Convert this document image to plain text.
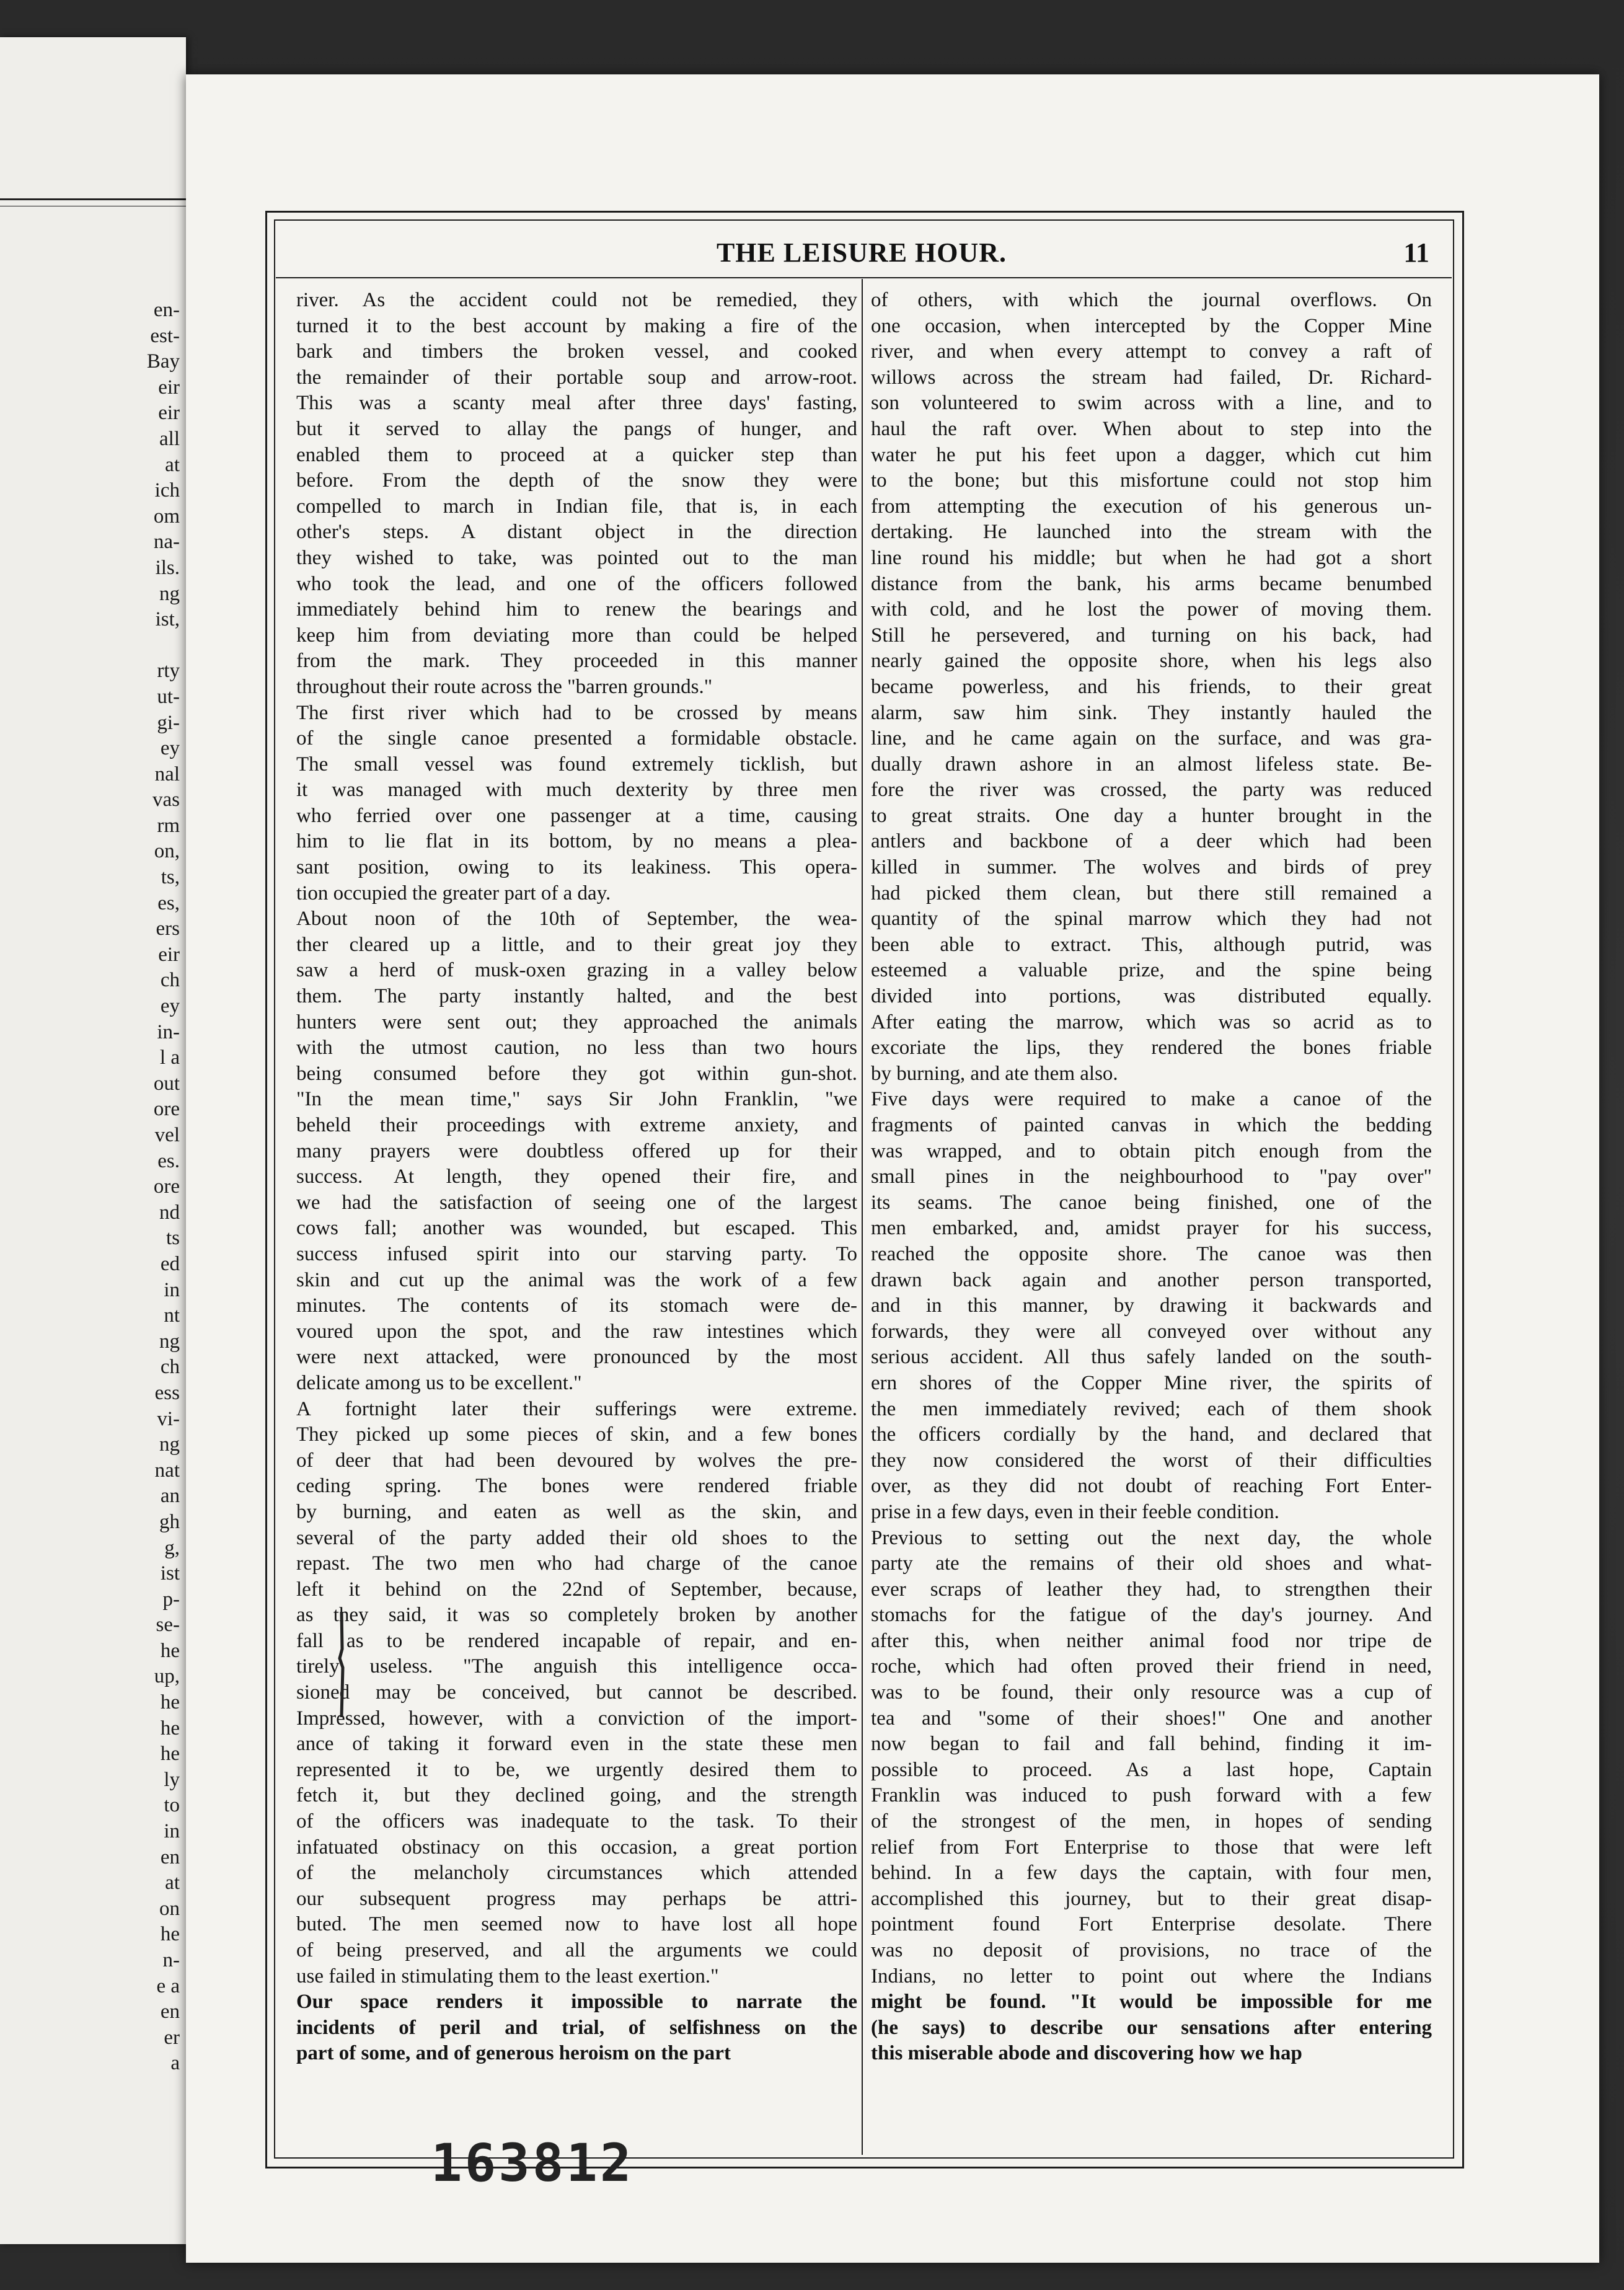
en-
est-
Bay
eir
eir
all
at
ich
om
na-
ils.
ng
ist,

rty
ut-
gi-
ey
nal
vas
rm
on,
ts,
es,
ers
eir
ch
ey
in-
l a
out
ore
vel
es.
ore
nd
ts
ed
in
nt
ng
ch
ess
vi-
ng
nat
an
gh
g,
ist
p-
se-
he
up,
he
he
he
ly
to
in
en
at
on
he
n-
e a
en
er
a
THE LEISURE HOUR.	11
river. As the accident could not be remedied, they
turned it to the best account by making a fire of the
bark and timbers the broken vessel, and cooked
the remainder of their portable soup and arrow-root.
This was a scanty meal after three days' fasting,
but it served to allay the pangs of hunger, and
enabled them to proceed at a quicker step than
before. From the depth of the snow they were
compelled to march in Indian file, that is, in each
other's steps. A distant object in the direction
they wished to take, was pointed out to the man
who took the lead, and one of the officers followed
immediately behind him to renew the bearings and
keep him from deviating more than could be helped
from the mark. They proceeded in this manner
throughout their route across the "barren grounds."
The first river which had to be crossed by means
of the single canoe presented a formidable obstacle.
The small vessel was found extremely ticklish, but
it was managed with much dexterity by three men
who ferried over one passenger at a time, causing
him to lie flat in its bottom, by no means a plea-
sant position, owing to its leakiness. This opera-
tion occupied the greater part of a day.
About noon of the 10th of September, the wea-
ther cleared up a little, and to their great joy they
saw a herd of musk-oxen grazing in a valley below
them. The party instantly halted, and the best
hunters were sent out; they approached the animals
with the utmost caution, no less than two hours
being consumed before they got within gun-shot.
"In the mean time," says Sir John Franklin, "we
beheld their proceedings with extreme anxiety, and
many prayers were doubtless offered up for their
success. At length, they opened their fire, and
we had the satisfaction of seeing one of the largest
cows fall; another was wounded, but escaped. This
success infused spirit into our starving party. To
skin and cut up the animal was the work of a few
minutes. The contents of its stomach were de-
voured upon the spot, and the raw intestines which
were next attacked, were pronounced by the most
delicate among us to be excellent."
A fortnight later their sufferings were extreme.
They picked up some pieces of skin, and a few bones
of deer that had been devoured by wolves the pre-
ceding spring. The bones were rendered friable
by burning, and eaten as well as the skin, and
several of the party added their old shoes to the
repast. The two men who had charge of the canoe
left it behind on the 22nd of September, because,
as they said, it was so completely broken by another
fall as to be rendered incapable of repair, and en-
tirely useless. "The anguish this intelligence occa-
sioned may be conceived, but cannot be described.
Impressed, however, with a conviction of the import-
ance of taking it forward even in the state these men
represented it to be, we urgently desired them to
fetch it, but they declined going, and the strength
of the officers was inadequate to the task. To their
infatuated obstinacy on this occasion, a great portion
of the melancholy circumstances which attended
our subsequent progress may perhaps be attri-
buted. The men seemed now to have lost all hope
of being preserved, and all the arguments we could
use failed in stimulating them to the least exertion."
Our space renders it impossible to narrate the
incidents of peril and trial, of selfishness on the
part of some, and of generous heroism on the part
of others, with which the journal overflows. On
one occasion, when intercepted by the Copper Mine
river, and when every attempt to convey a raft of
willows across the stream had failed, Dr. Richard-
son volunteered to swim across with a line, and to
haul the raft over. When about to step into the
water he put his feet upon a dagger, which cut him
to the bone; but this misfortune could not stop him
from attempting the execution of his generous un-
dertaking. He launched into the stream with the
line round his middle; but when he had got a short
distance from the bank, his arms became benumbed
with cold, and he lost the power of moving them.
Still he persevered, and turning on his back, had
nearly gained the opposite shore, when his legs also
became powerless, and his friends, to their great
alarm, saw him sink. They instantly hauled the
line, and he came again on the surface, and was gra-
dually drawn ashore in an almost lifeless state. Be-
fore the river was crossed, the party was reduced
to great straits. One day a hunter brought in the
antlers and backbone of a deer which had been
killed in summer. The wolves and birds of prey
had picked them clean, but there still remained a
quantity of the spinal marrow which they had not
been able to extract. This, although putrid, was
esteemed a valuable prize, and the spine being
divided into portions, was distributed equally.
After eating the marrow, which was so acrid as to
excoriate the lips, they rendered the bones friable
by burning, and ate them also.
Five days were required to make a canoe of the
fragments of painted canvas in which the bedding
was wrapped, and to obtain pitch enough from the
small pines in the neighbourhood to "pay over"
its seams. The canoe being finished, one of the
men embarked, and, amidst prayer for his success,
reached the opposite shore. The canoe was then
drawn back again and another person transported,
and in this manner, by drawing it backwards and
forwards, they were all conveyed over without any
serious accident. All thus safely landed on the south-
ern shores of the Copper Mine river, the spirits of
the men immediately revived; each of them shook
the officers cordially by the hand, and declared that
they now considered the worst of their difficulties
over, as they did not doubt of reaching Fort Enter-
prise in a few days, even in their feeble condition.
Previous to setting out the next day, the whole
party ate the remains of their old shoes and what-
ever scraps of leather they had, to strengthen their
stomachs for the fatigue of the day's journey. And
after this, when neither animal food nor tripe de
roche, which had often proved their friend in need,
was to be found, their only resource was a cup of
tea and "some of their shoes!" One and another
now began to fail and fall behind, finding it im-
possible to proceed. As a last hope, Captain
Franklin was induced to push forward with a few
of the strongest of the men, in hopes of sending
relief from Fort Enterprise to those that were left
behind. In a few days the captain, with four men,
accomplished this journey, but to their great disap-
pointment found Fort Enterprise desolate. There
was no deposit of provisions, no trace of the
Indians, no letter to point out where the Indians
might be found. "It would be impossible for me
(he says) to describe our sensations after entering
this miserable abode and discovering how we hap
163812
